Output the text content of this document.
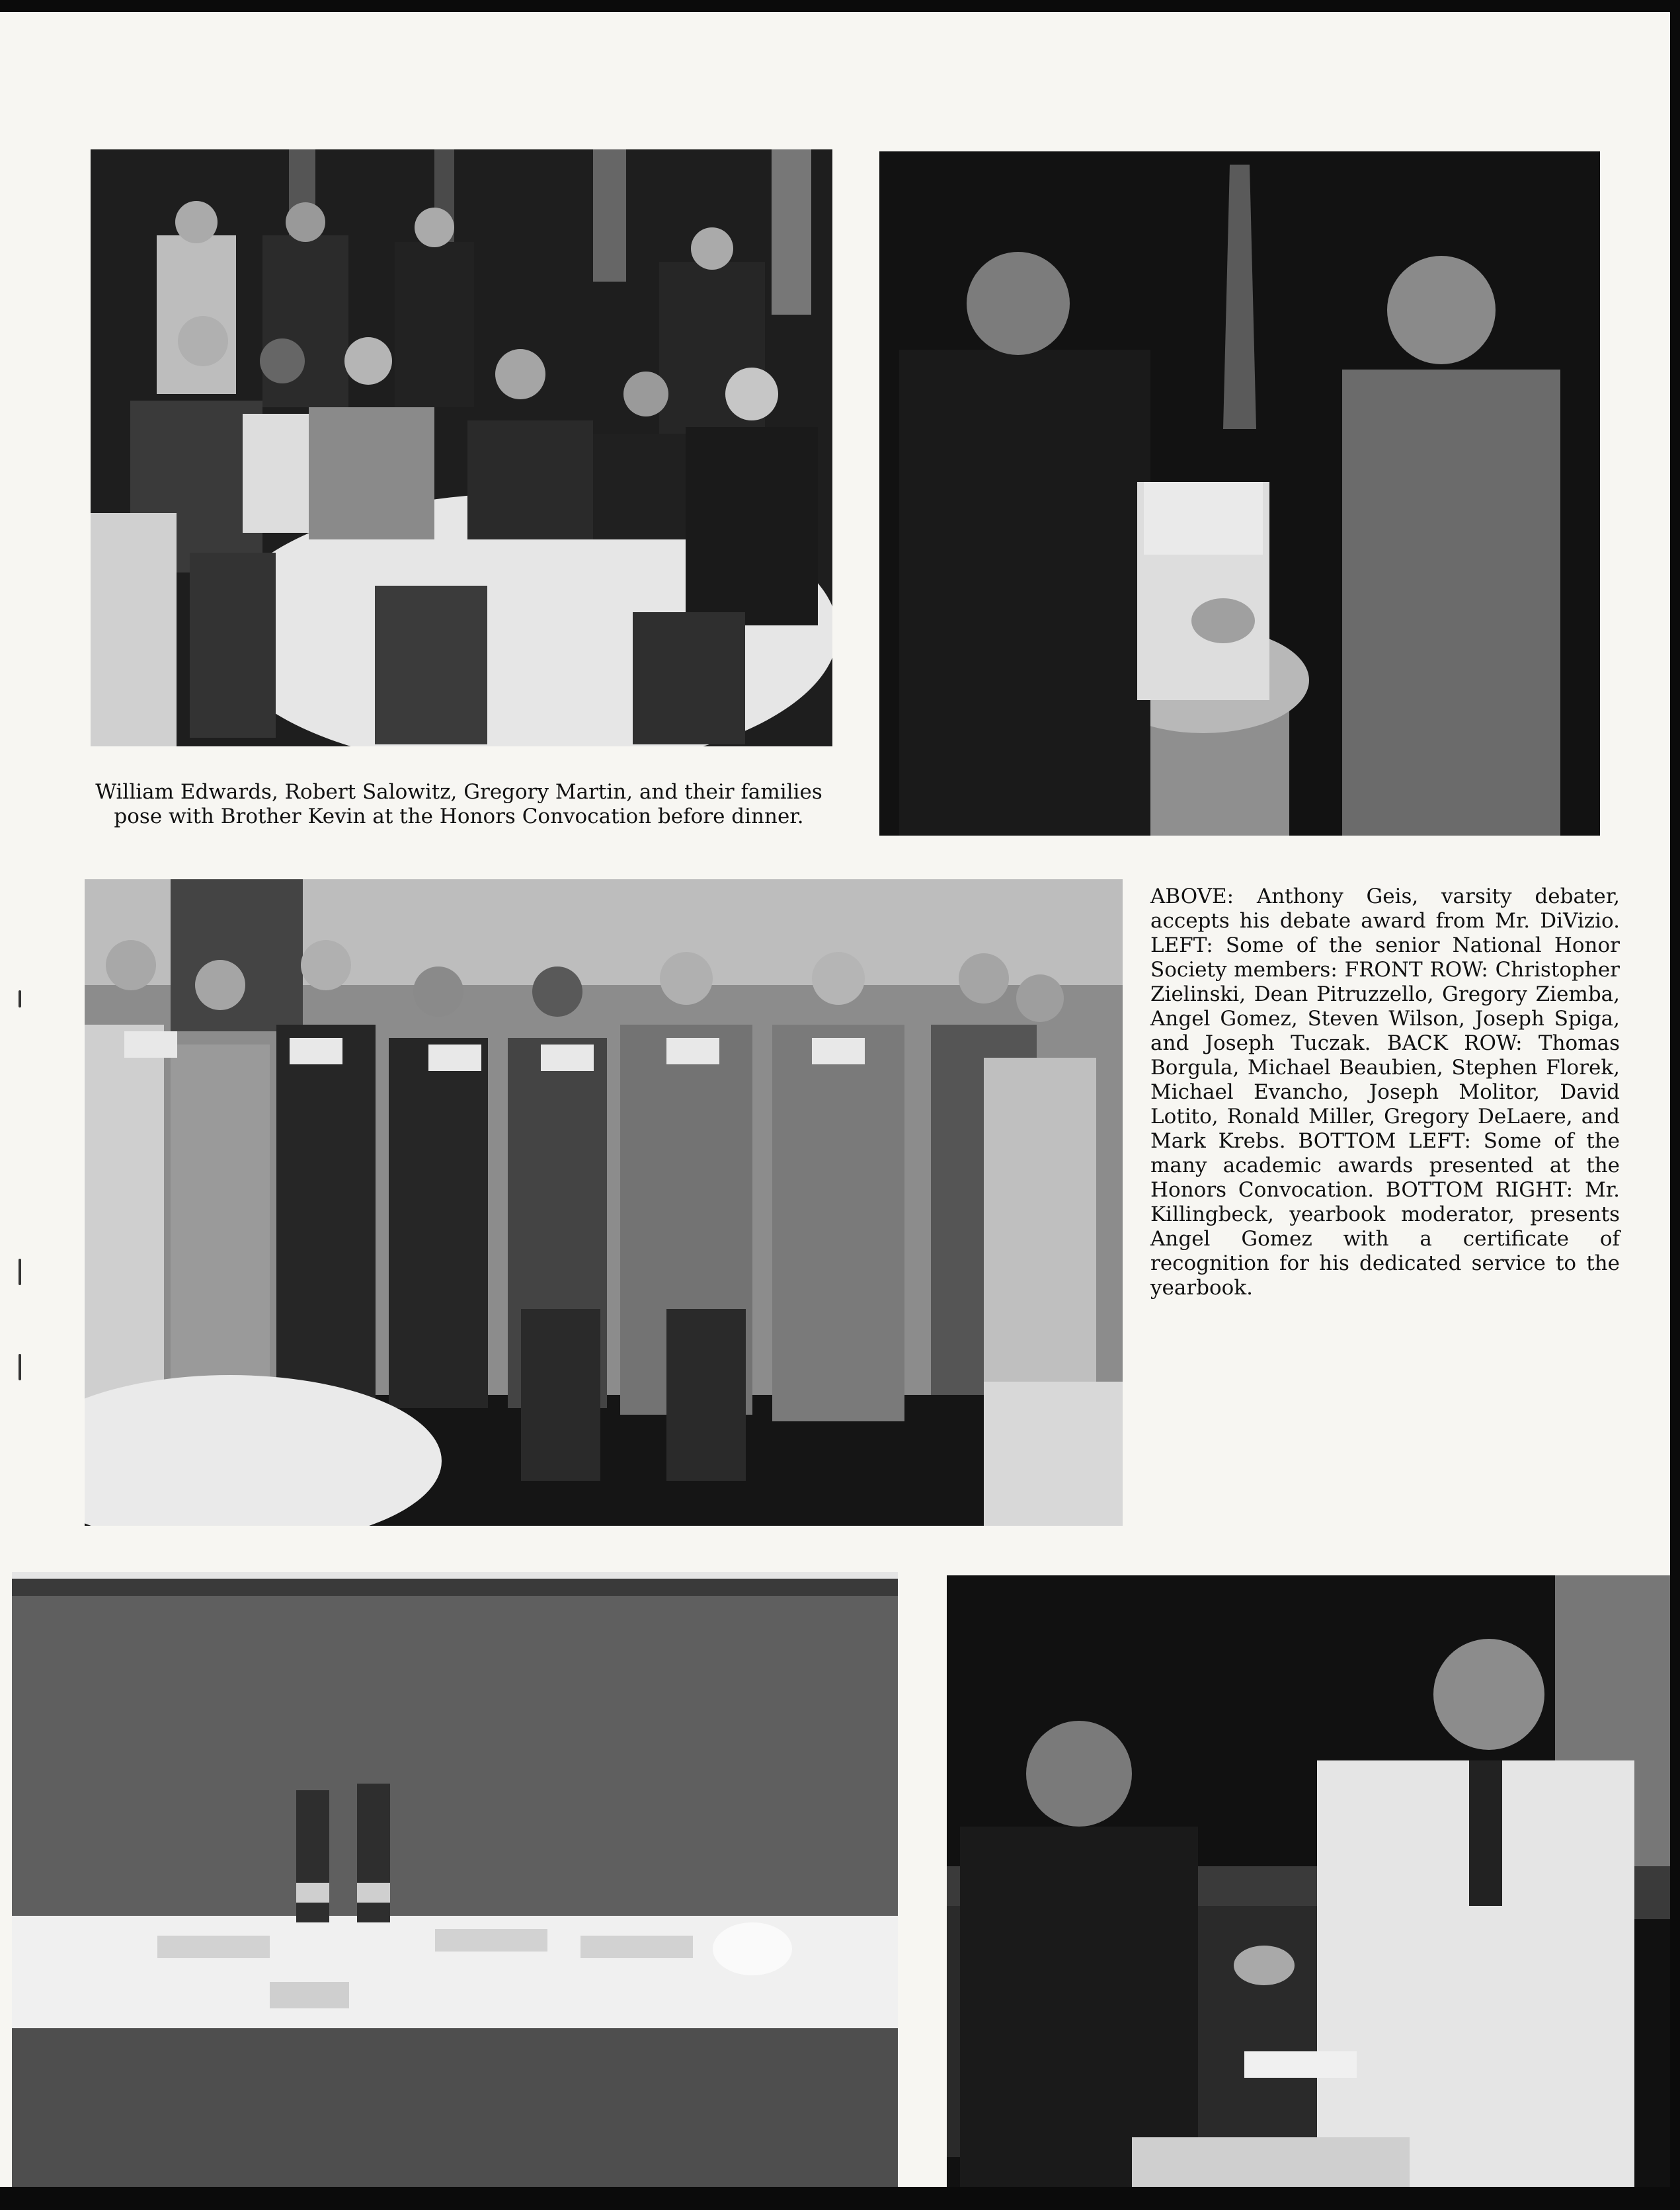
William Edwards, Robert Salowitz, Gregory Martin, and their families pose with Brother Kevin at the Honors Convocation before dinner.

ABOVE: Anthony Geis, varsity debater, accepts his debate award from Mr. DiVizio. LEFT: Some of the senior National Honor Society members: FRONT ROW: Christopher Zielinski, Dean Pitruzzello, Gregory Ziemba, Angel Gomez, Steven Wilson, Joseph Spiga, and Joseph Tuczak. BACK ROW: Thomas Borgula, Michael Beaubien, Stephen Florek, Michael Evancho, Joseph Molitor, David Lotito, Ronald Miller, Gregory DeLaere, and Mark Krebs. BOTTOM LEFT: Some of the many academic awards presented at the Honors Convocation. BOTTOM RIGHT: Mr. Killingbeck, yearbook moderator, presents Angel Gomez with a certificate of recognition for his dedicated service to the yearbook.
